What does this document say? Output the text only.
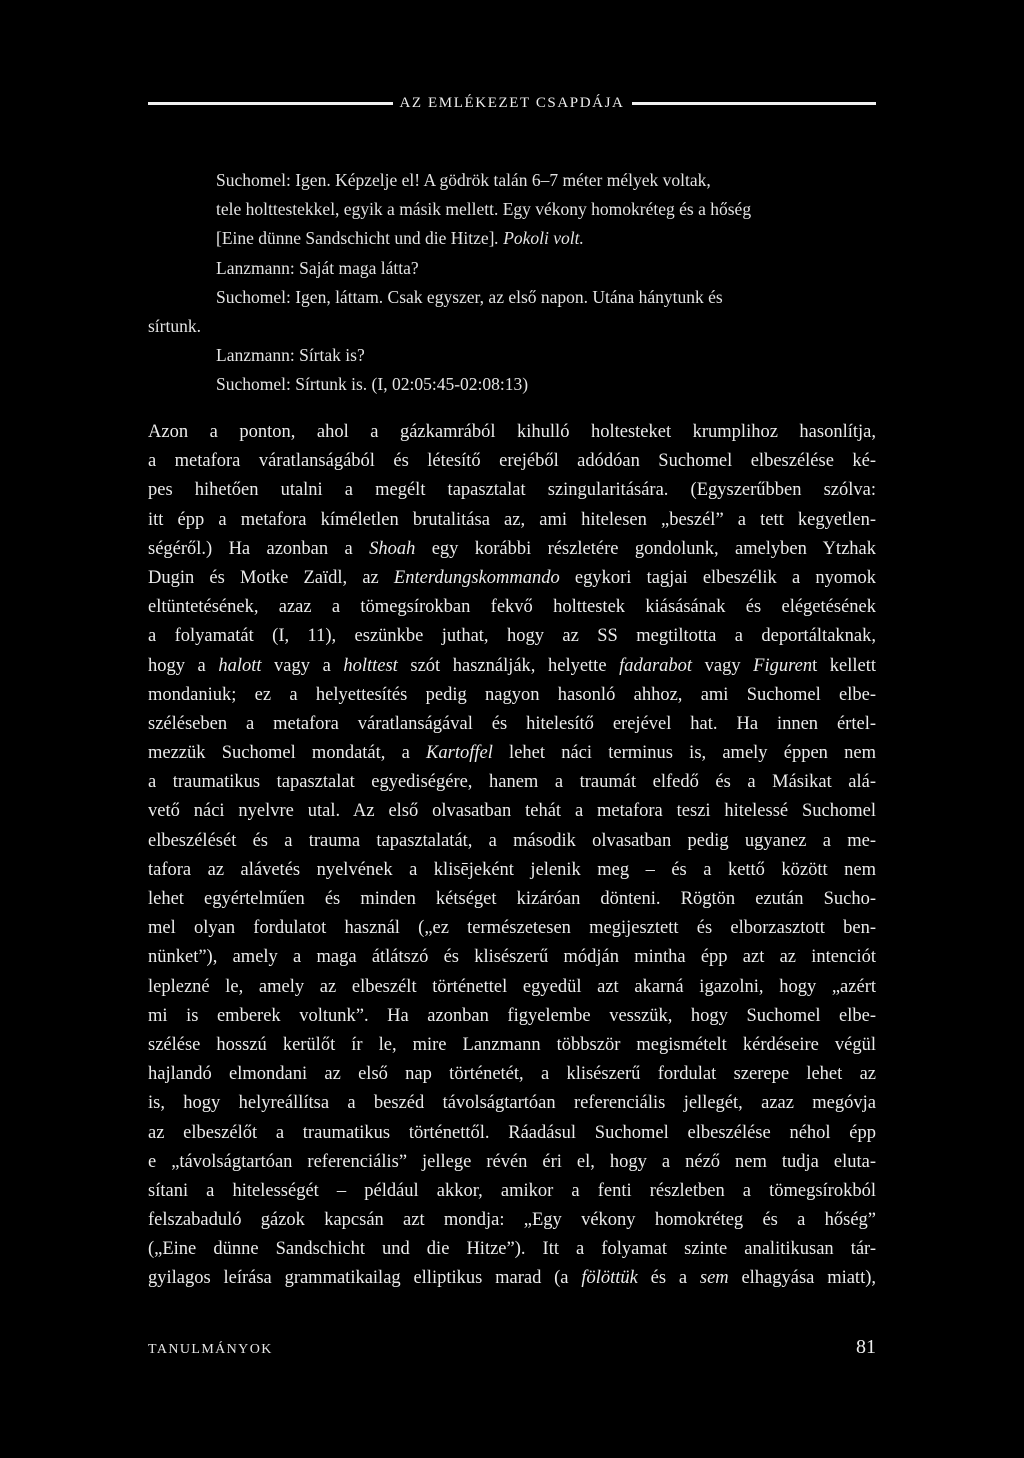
AZ EMLÉKEZET CSAPDÁJA
Suchomel: Igen. Képzelje el! A gödrök talán 6–7 méter mélyek voltak,
tele holttestekkel, egyik a másik mellett. Egy vékony homokréteg és a hőség
[Eine dünne Sandschicht und die Hitze]. Pokoli volt.
Lanzmann: Saját maga látta?
Suchomel: Igen, láttam. Csak egyszer, az első napon. Utána hánytunk és
sírtunk.
Lanzmann: Sírtak is?
Suchomel: Sírtunk is. (I, 02:05:45-02:08:13)
Azon a ponton, ahol a gázkamrából kihulló holtesteket krumplihoz hasonlítja,
a metafora váratlanságából és létesítő erejéből adódóan Suchomel elbeszélése ké-
pes hihetően utalni a megélt tapasztalat szingularitására. (Egyszerűbben szólva:
itt épp a metafora kíméletlen brutalitása az, ami hitelesen „beszél” a tett kegyetlen-
ségéről.) Ha azonban a Shoah egy korábbi részletére gondolunk, amelyben Ytzhak
Dugin és Motke Zaïdl, az Enterdungskommando egykori tagjai elbeszélik a nyomok
eltüntetésének, azaz a tömegsírokban fekvő holttestek kiásásának és elégetésének
a folyamatát (I, 11), eszünkbe juthat, hogy az SS megtiltotta a deportáltaknak,
hogy a halott vagy a holttest szót használják, helyette fadarabot vagy Figurent kellett
mondaniuk; ez a helyettesítés pedig nagyon hasonló ahhoz, ami Suchomel elbe-
széléseben a metafora váratlanságával és hitelesítő erejével hat. Ha innen értel-
mezzük Suchomel mondatát, a Kartoffel lehet náci terminus is, amely éppen nem
a traumatikus tapasztalat egyediségére, hanem a traumát elfedő és a Másikat alá-
vető náci nyelvre utal. Az első olvasatban tehát a metafora teszi hitelessé Suchomel
elbeszélését és a trauma tapasztalatát, a második olvasatban pedig ugyanez a me-
tafora az alávetés nyelvének a klisējeként jelenik meg – és a kettő között nem
lehet egyértelműen és minden kétséget kizáróan dönteni. Rögtön ezután Sucho-
mel olyan fordulatot használ („ez természetesen megijesztett és elborzasztott ben-
nünket”), amely a maga átlátszó és klisészerű módján mintha épp azt az intenciót
leplezné le, amely az elbeszélt történettel egyedül azt akarná igazolni, hogy „azért
mi is emberek voltunk”. Ha azonban figyelembe vesszük, hogy Suchomel elbe-
szélése hosszú kerülőt ír le, mire Lanzmann többször megismételt kérdéseire végül
hajlandó elmondani az első nap történetét, a klisészerű fordulat szerepe lehet az
is, hogy helyreállítsa a beszéd távolságtartóan referenciális jellegét, azaz megóvja
az elbeszélőt a traumatikus történettől. Ráadásul Suchomel elbeszélése néhol épp
e „távolságtartóan referenciális” jellege révén éri el, hogy a néző nem tudja eluta-
sítani a hitelességét – például akkor, amikor a fenti részletben a tömegsírokból
felszabaduló gázok kapcsán azt mondja: „Egy vékony homokréteg és a hőség”
(„Eine dünne Sandschicht und die Hitze”). Itt a folyamat szinte analitikusan tár-
gyilagos leírása grammatikailag elliptikus marad (a fölöttük és a sem elhagyása miatt),
TANULMÁNYOK	81
